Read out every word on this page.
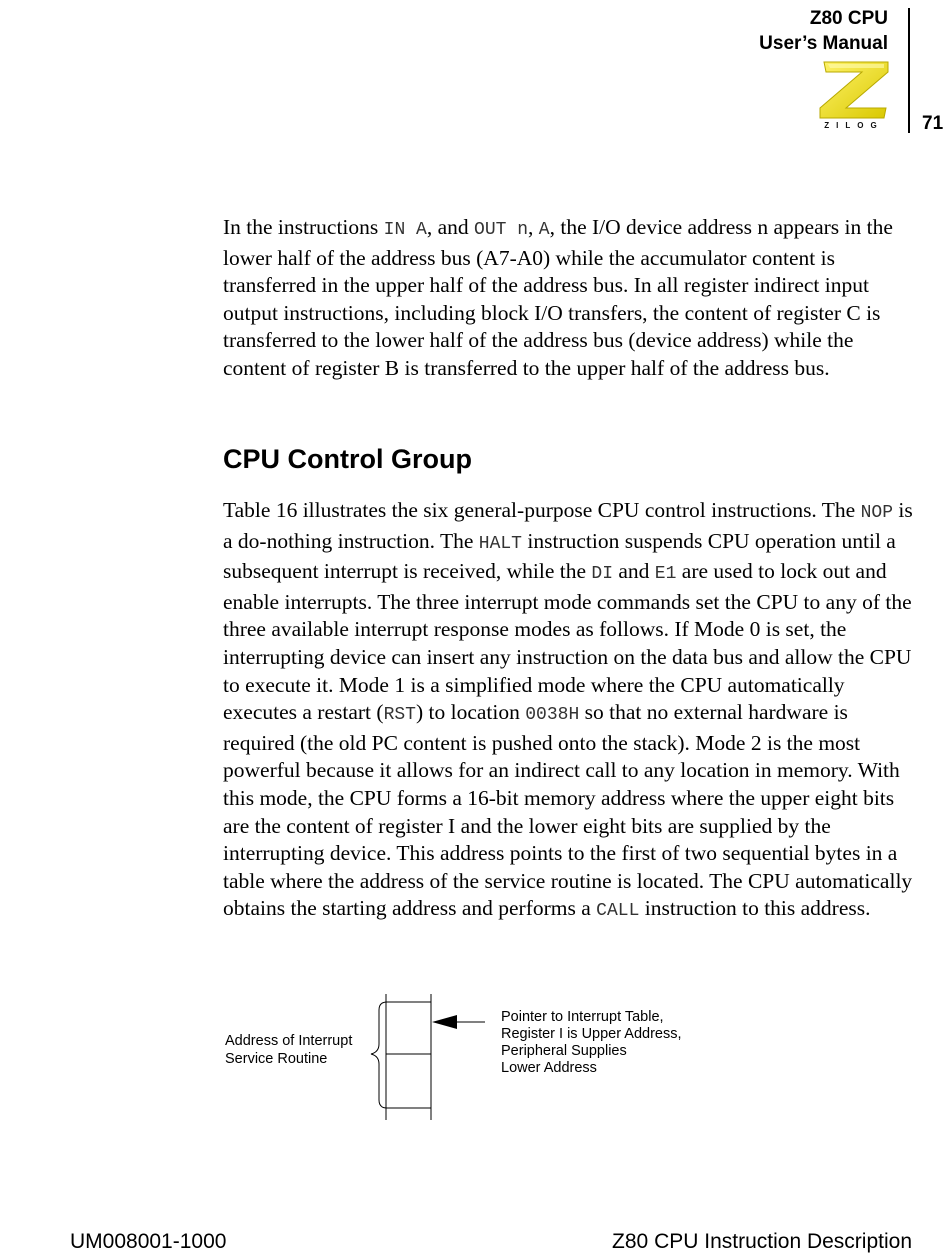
Z80 CPU
User’s Manual
ZILOG	71

In the instructions IN A, and OUT n, A, the I/O device address n appears in the lower half of the address bus (A7-A0) while the accumulator content is transferred in the upper half of the address bus. In all register indirect input output instructions, including block I/O transfers, the content of register C is transferred to the lower half of the address bus (device address) while the content of register B is transferred to the upper half of the address bus.

CPU Control Group

Table 16 illustrates the six general-purpose CPU control instructions. The NOP is a do-nothing instruction. The HALT instruction suspends CPU operation until a subsequent interrupt is received, while the DI and E1 are used to lock out and enable interrupts. The three interrupt mode commands set the CPU to any of the three available interrupt response modes as follows. If Mode 0 is set, the interrupting device can insert any instruction on the data bus and allow the CPU to execute it. Mode 1 is a simplified mode where the CPU automatically executes a restart (RST) to location 0038H so that no external hardware is required (the old PC content is pushed onto the stack). Mode 2 is the most powerful because it allows for an indirect call to any location in memory. With this mode, the CPU forms a 16-bit memory address where the upper eight bits are the content of register I and the lower eight bits are supplied by the interrupting device. This address points to the first of two sequential bytes in a table where the address of the service routine is located. The CPU automatically obtains the starting address and performs a CALL instruction to this address.

Address of Interrupt
Service Routine
Pointer to Interrupt Table,
Register I is Upper Address,
Peripheral Supplies
Lower Address
UM008001-1000	Z80 CPU Instruction Description
